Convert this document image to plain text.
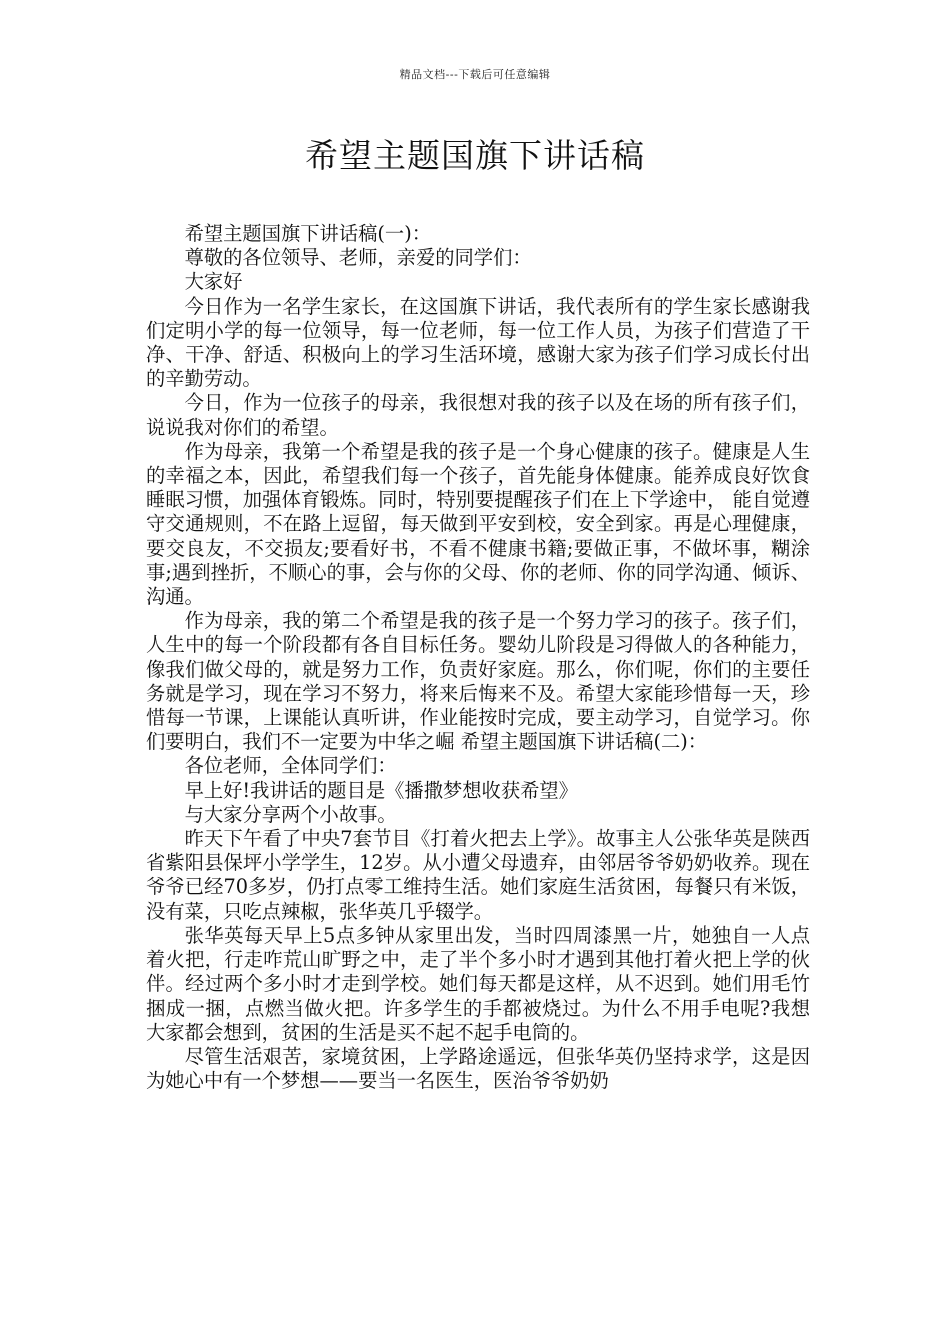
精品文档---下载后可任意编辑
希望主题国旗下讲话稿

希望主题国旗下讲话稿(一)：

尊敬的各位领导、老师，亲爱的同学们：

大家好

今日作为一名学生家长，在这国旗下讲话，我代表所有的学生家长感谢我们定明小学的每一位领导，每一位老师，每一位工作人员，为孩子们营造了干净、干净、舒适、积极向上的学习生活环境，感谢大家为孩子们学习成长付出的辛勤劳动。

今日，作为一位孩子的母亲，我很想对我的孩子以及在场的所有孩子们，说说我对你们的希望。

作为母亲，我第一个希望是我的孩子是一个身心健康的孩子。健康是人生的幸福之本，因此，希望我们每一个孩子，首先能身体健康。能养成良好饮食睡眠习惯，加强体育锻炼。同时，特别要提醒孩子们在上下学途中， 能自觉遵守交通规则，不在路上逗留，每天做到平安到校，安全到家。再是心理健康，要交良友，不交损友;要看好书，不看不健康书籍;要做正事，不做坏事，糊涂事;遇到挫折，不顺心的事，会与你的父母、你的老师、你的同学沟通、倾诉、沟通。

作为母亲，我的第二个希望是我的孩子是一个努力学习的孩子。孩子们，人生中的每一个阶段都有各自目标任务。婴幼儿阶段是习得做人的各种能力，像我们做父母的，就是努力工作，负责好家庭。那么，你们呢，你们的主要任务就是学习，现在学习不努力，将来后悔来不及。希望大家能珍惜每一天，珍惜每一节课，上课能认真听讲，作业能按时完成，要主动学习，自觉学习。你们要明白，我们不一定要为中华之崛 希望主题国旗下讲话稿(二)：

各位老师，全体同学们：

早上好!我讲话的题目是《播撒梦想收获希望》

与大家分享两个小故事。

昨天下午看了中央7套节目《打着火把去上学》。故事主人公张华英是陕西省紫阳县保坪小学学生，12岁。从小遭父母遗弃，由邻居爷爷奶奶收养。现在爷爷已经70多岁，仍打点零工维持生活。她们家庭生活贫困，每餐只有米饭，没有菜，只吃点辣椒，张华英几乎辍学。

张华英每天早上5点多钟从家里出发，当时四周漆黑一片，她独自一人点着火把，行走咋荒山旷野之中，走了半个多小时才遇到其他打着火把上学的伙伴。经过两个多小时才走到学校。她们每天都是这样，从不迟到。她们用毛竹捆成一捆，点燃当做火把。许多学生的手都被烧过。为什么不用手电呢?我想大家都会想到，贫困的生活是买不起不起手电筒的。

尽管生活艰苦，家境贫困，上学路途遥远，但张华英仍坚持求学，这是因为她心中有一个梦想——要当一名医生，医治爷爷奶奶
